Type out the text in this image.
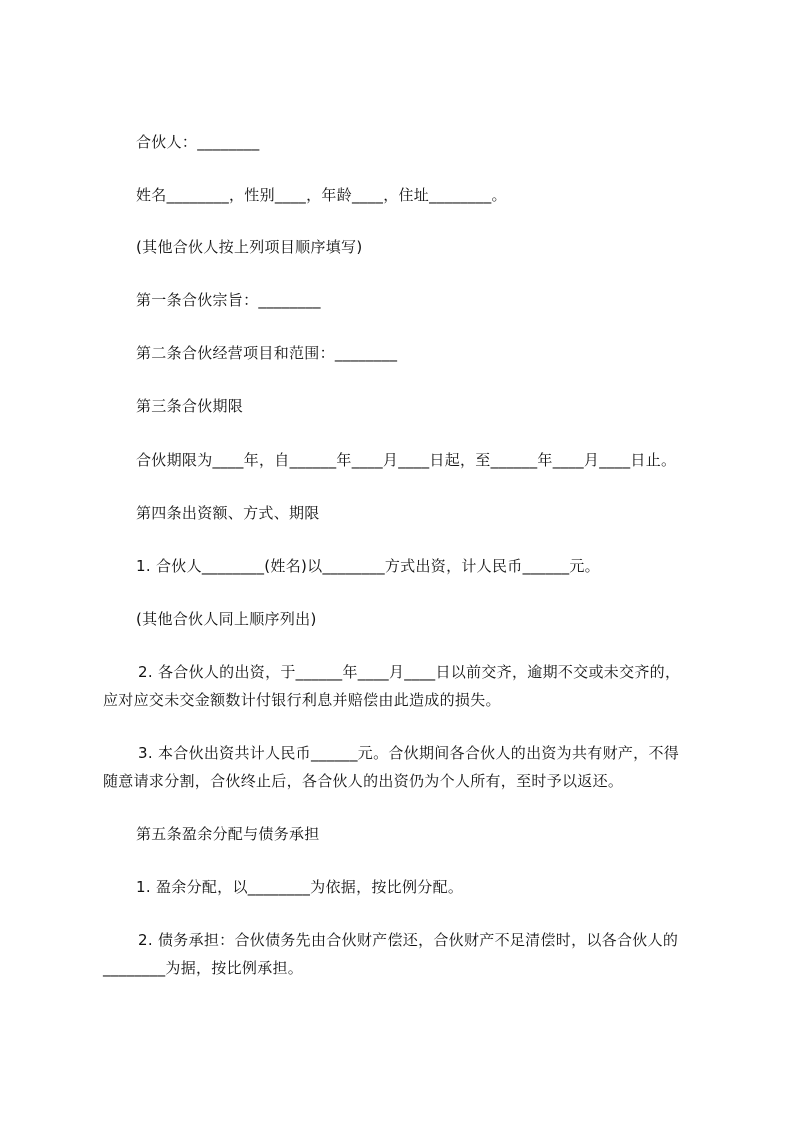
合伙人：________
姓名________，性别____，年龄____，住址________。
(其他合伙人按上列项目顺序填写)
第一条合伙宗旨：________
第二条合伙经营项目和范围：________
第三条合伙期限
合伙期限为____年，自______年____月____日起，至______年____月____日止。
第四条出资额、方式、期限
1. 合伙人________(姓名)以________方式出资，计人民币______元。
(其他合伙人同上顺序列出)
2. 各合伙人的出资，于______年____月____日以前交齐，逾期不交或未交齐的，
应对应交未交金额数计付银行利息并赔偿由此造成的损失。
3. 本合伙出资共计人民币______元。合伙期间各合伙人的出资为共有财产，不得
随意请求分割，合伙终止后，各合伙人的出资仍为个人所有，至时予以返还。
第五条盈余分配与债务承担
1. 盈余分配，以________为依据，按比例分配。
2. 债务承担：合伙债务先由合伙财产偿还，合伙财产不足清偿时，以各合伙人的
________为据，按比例承担。
